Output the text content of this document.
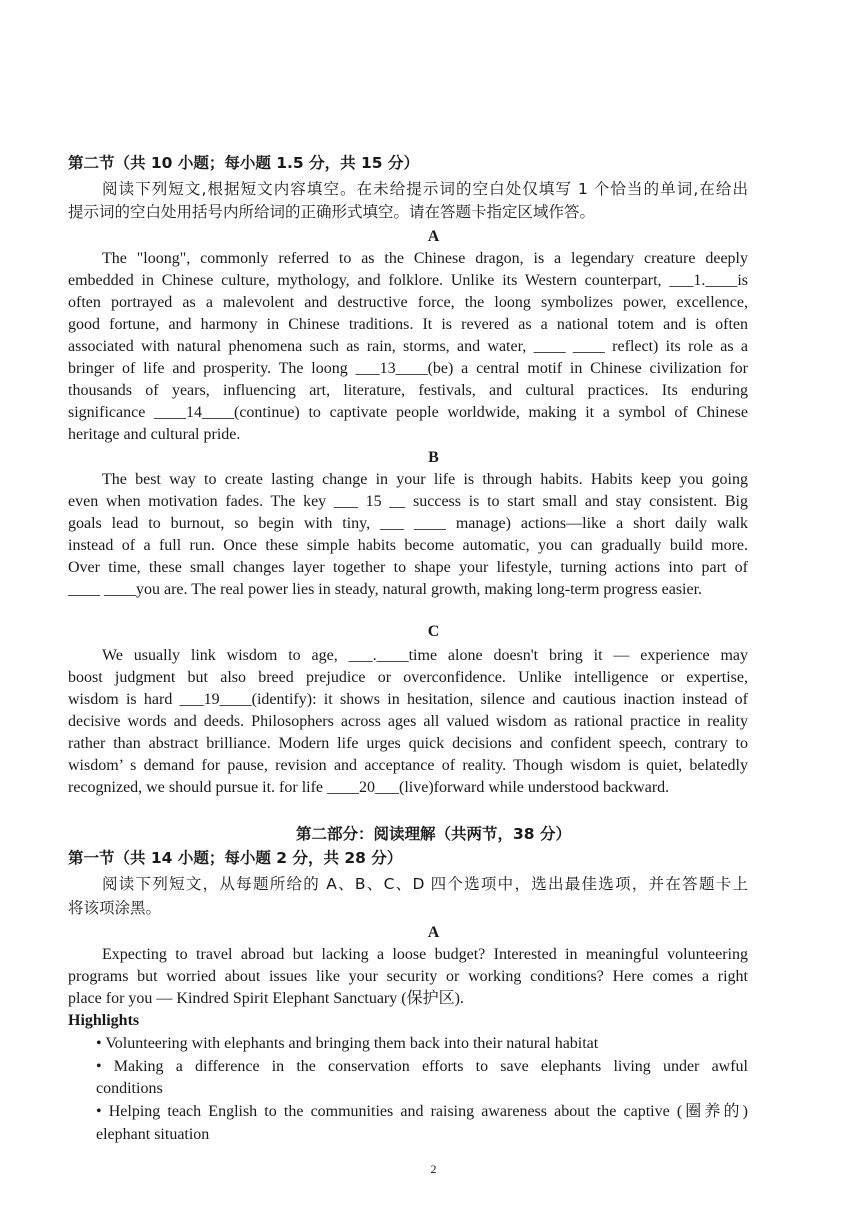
第二节（共 10 小题；每小题 1.5 分，共 15 分）
阅读下列短文,根据短文内容填空。在未给提示词的空白处仅填写 1 个恰当的单词,在给出
提示词的空白处用括号内所给词的正确形式填空。请在答题卡指定区域作答。
A
The "loong", commonly referred to as the Chinese dragon, is a legendary creature deeply
embedded in Chinese culture, mythology, and folklore. Unlike its Western counterpart, ___1.____is
often portrayed as a malevolent and destructive force, the loong symbolizes power, excellence,
good fortune, and harmony in Chinese traditions. It is revered as a national totem and is often
associated with natural phenomena such as rain, storms, and water, ____ ____ reflect) its role as a
bringer of life and prosperity. The loong ___13____(be) a central motif in Chinese civilization for
thousands of years, influencing art, literature, festivals, and cultural practices. Its enduring
significance ____14____(continue) to captivate people worldwide, making it a symbol of Chinese
heritage and cultural pride.
B
The best way to create lasting change in your life is through habits. Habits keep you going
even when motivation fades. The key ___ 15 __ success is to start small and stay consistent. Big
goals lead to burnout, so begin with tiny, ___ ____ manage) actions—like a short daily walk
instead of a full run. Once these simple habits become automatic, you can gradually build more.
Over time, these small changes layer together to shape your lifestyle, turning actions into part of
____ ____you are. The real power lies in steady, natural growth, making long-term progress easier.
C
We usually link wisdom to age, ___.____time alone doesn't bring it — experience may
boost judgment but also breed prejudice or overconfidence. Unlike intelligence or expertise,
wisdom is hard ___19____(identify): it shows in hesitation, silence and cautious inaction instead of
decisive words and deeds. Philosophers across ages all valued wisdom as rational practice in reality
rather than abstract brilliance. Modern life urges quick decisions and confident speech, contrary to
wisdom’ s demand for pause, revision and acceptance of reality. Though wisdom is quiet, belatedly
recognized, we should pursue it. for life ____20___(live)forward while understood backward.
第二部分：阅读理解（共两节，38 分）
第一节（共 14 小题；每小题 2 分，共 28 分）
阅读下列短文，从每题所给的 A、B、C、D 四个选项中，选出最佳选项，并在答题卡上
将该项涂黑。
A
Expecting to travel abroad but lacking a loose budget? Interested in meaningful volunteering
programs but worried about issues like your security or working conditions? Here comes a right
place for you — Kindred Spirit Elephant Sanctuary (保护区).
Highlights
• Volunteering with elephants and bringing them back into their natural habitat
• Making a difference in the conservation efforts to save elephants living under awful
conditions
• Helping teach English to the communities and raising awareness about the captive (圈养的)
elephant situation
2
